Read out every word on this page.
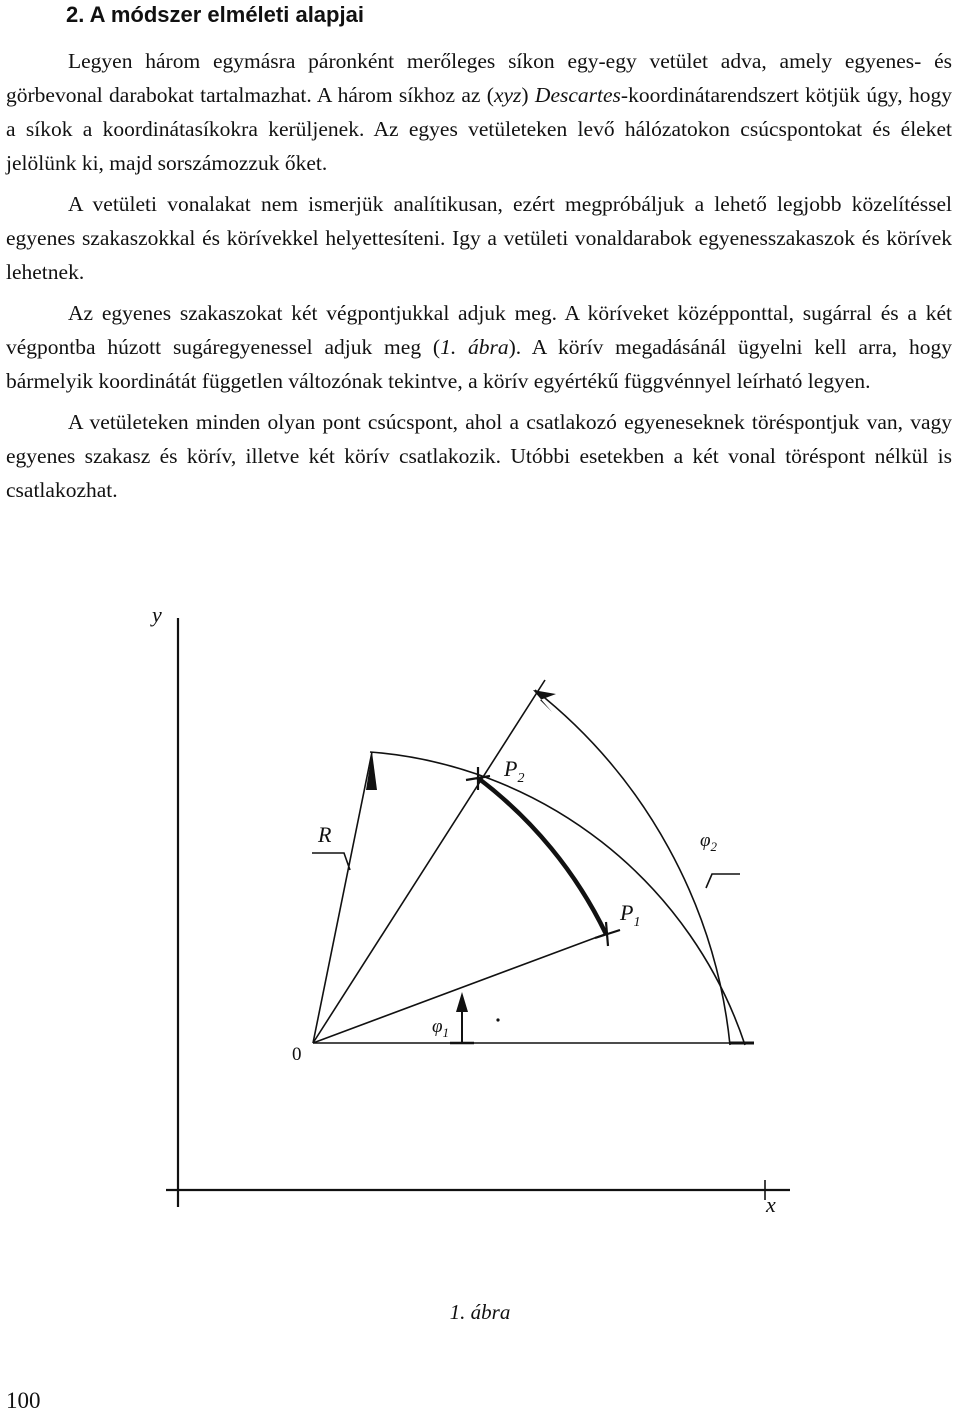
2. A módszer elméleti alapjai

Legyen három egymásra páronként merőleges síkon egy-egy vetület adva, amely egyenes- és görbevonal darabokat tartalmazhat. A három síkhoz az (xyz) Descartes-koordinátarendszert kötjük úgy, hogy a síkok a koordinátasíkokra kerüljenek. Az egyes vetületeken levő hálózatokon csúcspontokat és éleket jelölünk ki, majd sorszámozzuk őket.

A vetületi vonalakat nem ismerjük analítikusan, ezért megpróbáljuk a lehető legjobb közelítéssel egyenes szakaszokkal és körívekkel helyettesíteni. Igy a vetületi vonaldarabok egyenesszakaszok és körívek lehetnek.

Az egyenes szakaszokat két végpontjukkal adjuk meg. A köríveket középponttal, sugárral és a két végpontba húzott sugáregyenessel adjuk meg (1. ábra). A körív megadásánál ügyelni kell arra, hogy bármelyik koordinátát független változónak tekintve, a körív egyértékű függvénnyel leírható legyen.

A vetületeken minden olyan pont csúcspont, ahol a csatlakozó egyeneseknek töréspontjuk van, vagy egyenes szakasz és körív, illetve két körív csatlakozik. Utóbbi esetekben a két vonal töréspont nélkül is csatlakozhat.

y
x
0
R
$P_2$
$P_1$
$\varphi_2$
$\varphi_1$
1. ábra
100
